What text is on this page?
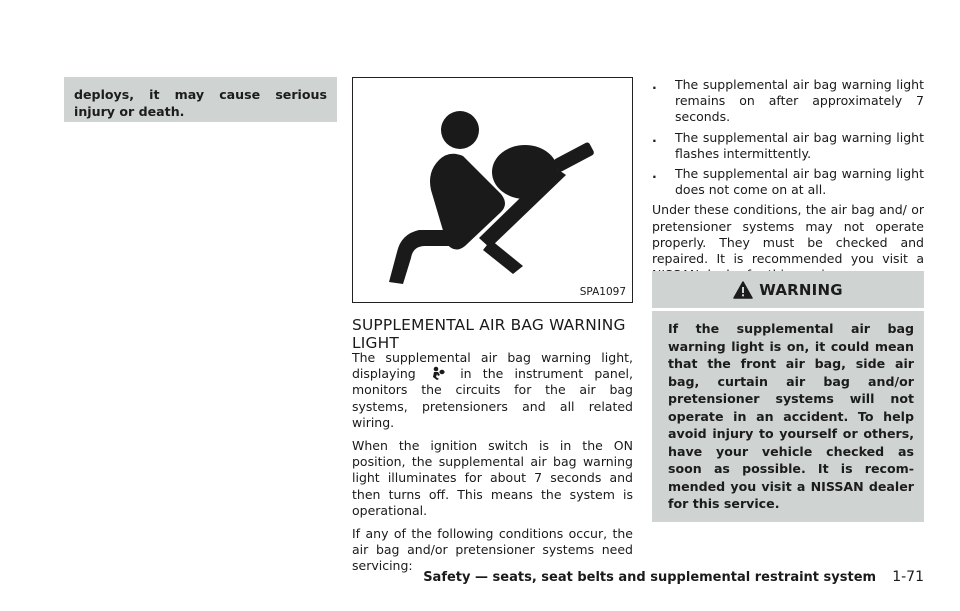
deploys, it may cause serious injury or death.

SPA1097
SUPPLEMENTAL AIR BAG WARNING LIGHT

The supplemental air bag warning light, displaying	in the instrument panel, monitors the circuits for the air bag systems, pretensioners and all related wiring.

When the ignition switch is in the ON position, the supplemental air bag warning light illuminates for about 7 seconds and then turns off. This means the system is operational.

If any of the following conditions occur, the air bag and/or pretensioner systems need servicing:

. The supplemental air bag warning light remains on after approximately 7 seconds.
. The supplemental air bag warning light flashes intermittently.
. The supplemental air bag warning light does not come on at all.

Under these conditions, the air bag and/ or pretensioner systems may not operate properly. They must be checked and repaired. It is recommended you visit a

WARNING
If the supplemental air bag warning light is on, it could mean that the front air bag, side air bag, curtain air bag and/or pretensioner systems will not operate in an accident. To help avoid injury to yourself or others, have your vehicle checked as soon as possible. It is recom- mended you visit a NISSAN dealer for this service.
Safety — seats, seat belts and supplemental restraint system 1-71
